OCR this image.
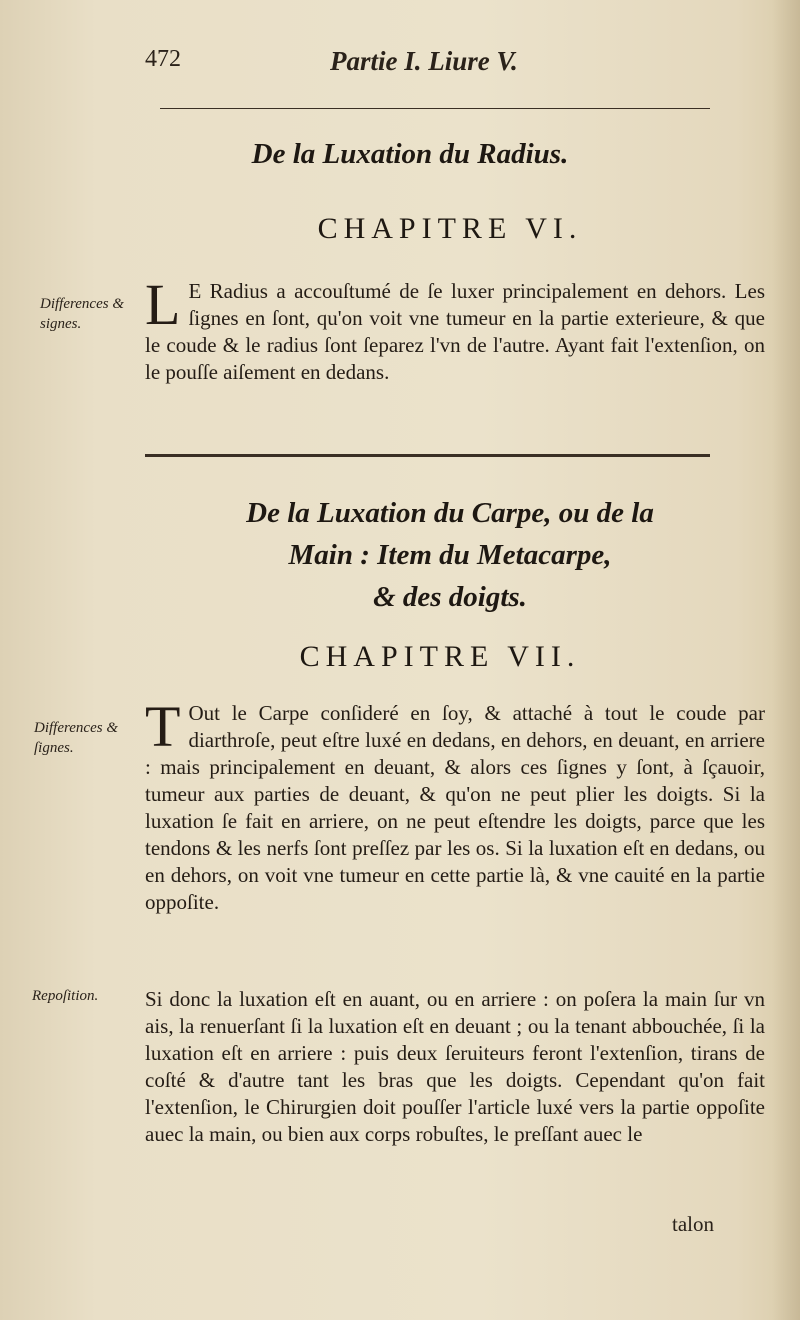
472	Partie I. Liure V.
De la Luxation du Radius.
CHAPITRE VI.
Differences & signes.	L E Radius a accouſtumé de ſe luxer principalement en dehors. Les ſignes en ſont, qu'on voit vne tumeur en la partie exterieure, & que le coude & le radius ſont ſeparez l'vn de l'autre. Ayant fait l'extenſion, on le pouſſe aiſement en dedans.
De la Luxation du Carpe, ou de la
Main : Item du Metacarpe,
& des doigts.
CHAPITRE VII.
Differences & ſignes.	T Out le Carpe conſideré en ſoy, & attaché à tout le coude par diarthroſe, peut eſtre luxé en dedans, en dehors, en deuant, en arriere : mais principalement en deuant, & alors ces ſignes y ſont, à ſçauoir, tumeur aux parties de deuant, & qu'on ne peut plier les doigts. Si la luxation ſe fait en arriere, on ne peut eſtendre les doigts, parce que les tendons & les nerfs ſont preſſez par les os. Si la luxation eſt en dedans, ou en dehors, on voit vne tumeur en cette partie là, & vne cauité en la partie oppoſite.
Repoſition.	Si donc la luxation eſt en auant, ou en arriere : on poſera la main ſur vn ais, la renuerſant ſi la luxation eſt en deuant ; ou la tenant abbouchée, ſi la luxation eſt en arriere : puis deux ſeruiteurs feront l'extenſion, tirans de coſté & d'autre tant les bras que les doigts. Cependant qu'on fait l'extenſion, le Chirurgien doit pouſſer l'article luxé vers la partie oppoſite auec la main, ou bien aux corps robuſtes, le preſſant auec le
talon
